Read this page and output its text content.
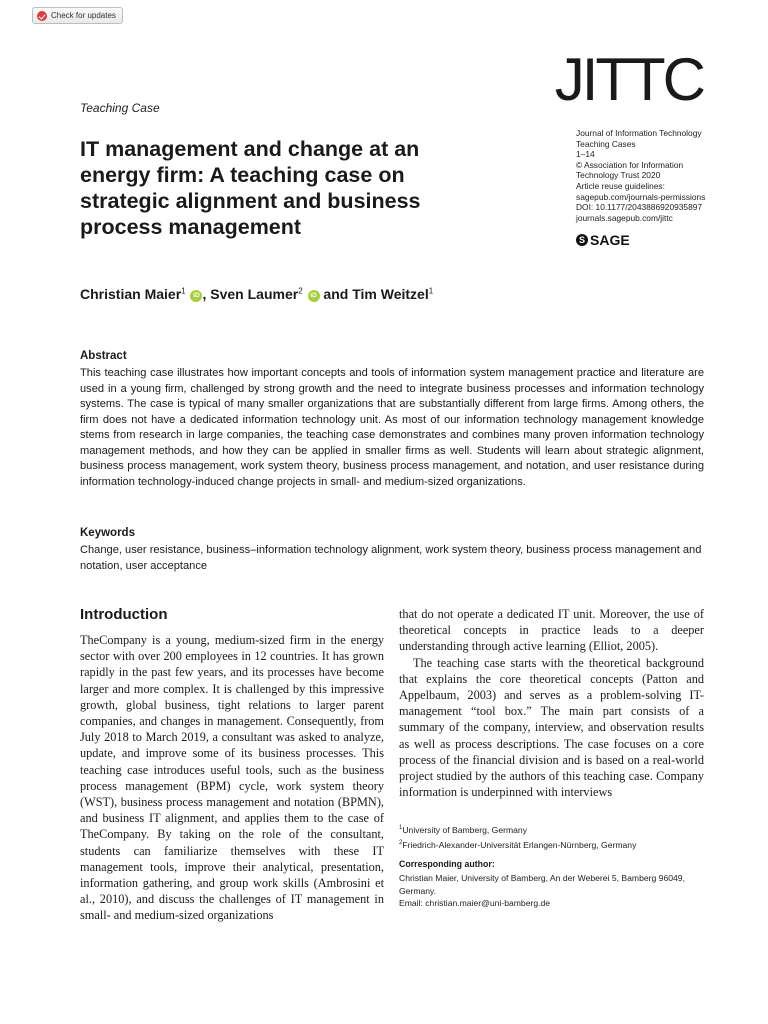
Check for updates
JITTC
Teaching Case
IT management and change at an energy firm: A teaching case on strategic alignment and business process management
Journal of Information Technology
Teaching Cases
1–14
© Association for Information
Technology Trust 2020
Article reuse guidelines:
sagepub.com/journals-permissions
DOI: 10.1177/2043886920935897
journals.sagepub.com/jittc
S SAGE
Christian Maier$^1$ iD , Sven Laumer$^2$ iD and Tim Weitzel$^1$
Abstract
This teaching case illustrates how important concepts and tools of information system management practice and literature are used in a young firm, challenged by strong growth and the need to integrate business processes and information technology systems. The case is typical of many smaller organizations that are substantially different from large firms. Among others, the firm does not have a dedicated information technology unit. As most of our information technology management knowledge stems from research in large companies, the teaching case demonstrates and combines many proven information technology management methods, and how they can be applied in smaller firms as well. Students will learn about strategic alignment, business process management, work system theory, business process management, and notation, and user resistance during information technology-induced change projects in small- and medium-sized organizations.
Keywords
Change, user resistance, business–information technology alignment, work system theory, business process management and notation, user acceptance
Introduction

TheCompany is a young, medium-sized firm in the energy sector with over 200 employees in 12 countries. It has grown rapidly in the past few years, and its processes have become larger and more complex. It is challenged by this impressive growth, global business, tight relations to larger parent companies, and changes in management. Consequently, from July 2018 to March 2019, a consultant was asked to analyze, update, and improve some of its business processes. This teaching case introduces useful tools, such as the business process management (BPM) cycle, work system theory (WST), business process management and notation (BPMN), and business IT alignment, and applies them to the case of TheCompany. By taking on the role of the consultant, students can familiarize themselves with these IT management tools, improve their analytical, presentation, information gathering, and group work skills (Ambrosini et al., 2010), and discuss the challenges of IT management in small- and medium-sized organizations

that do not operate a dedicated IT unit. Moreover, the use of theoretical concepts in practice leads to a deeper understanding through active learning (Elliot, 2005).

The teaching case starts with the theoretical background that explains the core theoretical concepts (Patton and Appelbaum, 2003) and serves as a problem-solving IT-management “tool box.” The main part consists of a summary of the company, interview, and observation results as well as process descriptions. The case focuses on a core process of the financial division and is based on a real-world project studied by the authors of this teaching case. Company information is underpinned with interviews

$^1$University of Bamberg, Germany
$^2$Friedrich-Alexander-Universität Erlangen-Nürnberg, Germany
Corresponding author:
Christian Maier, University of Bamberg, An der Weberei 5, Bamberg 96049, Germany.
Email: christian.maier@uni-bamberg.de
